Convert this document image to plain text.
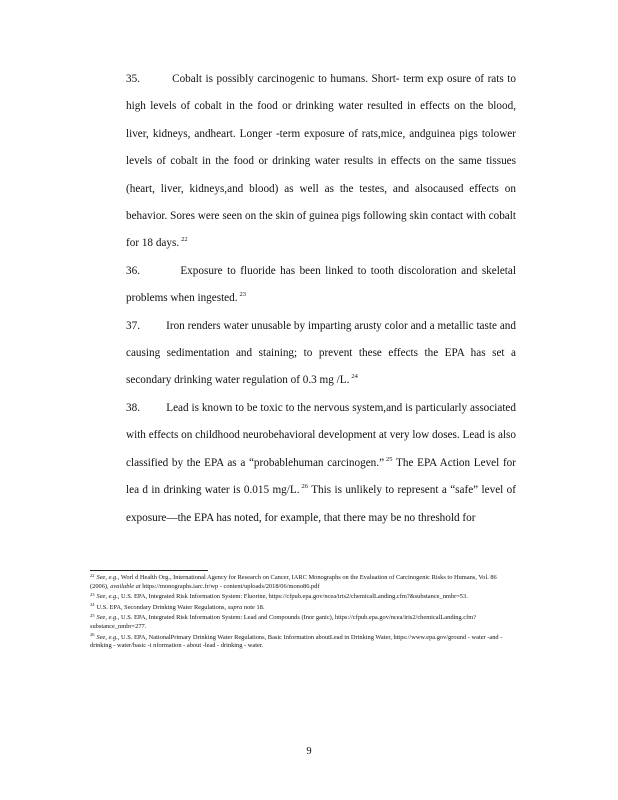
35.	Cobalt is possibly carcinogenic to humans. Short- term exp osure of rats to high levels of cobalt in the food or drinking water resulted in effects on the blood, liver, kidneys, andheart. Longer -term exposure of rats,mice, andguinea pigs tolower levels of cobalt in the food or drinking water results in effects on the same tissues (heart, liver, kidneys,and blood) as well as the testes, and alsocaused effects on behavior. Sores were seen on the skin of guinea pigs following skin contact with cobalt for 18 days. $^{22}$

36.	Exposure to fluoride has been linked to tooth discoloration and skeletal problems when ingested. $^{23}$

37. Iron renders water unusable by imparting arusty color and a metallic taste and causing sedimentation and staining; to prevent these effects the EPA has set a secondary drinking water regulation of 0.3 mg /L. $^{24}$

38. Lead is known to be toxic to the nervous system,and is particularly associated with effects on childhood neurobehavioral development at very low doses. Lead is also classified by the EPA as a “probablehuman carcinogen.” $^{25}$ The EPA Action Level for lea d in drinking water is 0.015 mg/L. $^{26}$ This is unlikely to represent a “safe” level of exposure—the EPA has noted, for example, that there may be no threshold for

$^{22}$ See, e.g., Worl d Health Org., International Agency for Research on Cancer, IARC Monographs on the Evaluation of Carcinogenic Risks to Humans, Vol. 86 (2006), available at https://monographs.iarc.fr/wp - content/uploads/2018/06/mono86.pdf

$^{23}$ See, e.g., U.S. EPA, Integrated Risk Information System: Fluorine, https://cfpub.epa.gov/ncea/iris2/chemicalLanding.cfm?&substance_nmbr=53.

$^{24}$ U.S. EPA, Secondary Drinking Water Regulations, supra note 18.

$^{25}$ See, e.g., U.S. EPA, Integrated Risk Information System: Lead and Compounds (Inor ganic), https://cfpub.epa.gov/ncea/iris2/chemicalLanding.cfm?substance_nmbr=277.

$^{26}$ See, e.g., U.S. EPA, NationalPrimary Drinking Water Regulations, Basic Information aboutLead in Drinking Water, https://www.epa.gov/ground - water -and -drinking - water/basic -i nformation - about -lead - drinking - water.

9
